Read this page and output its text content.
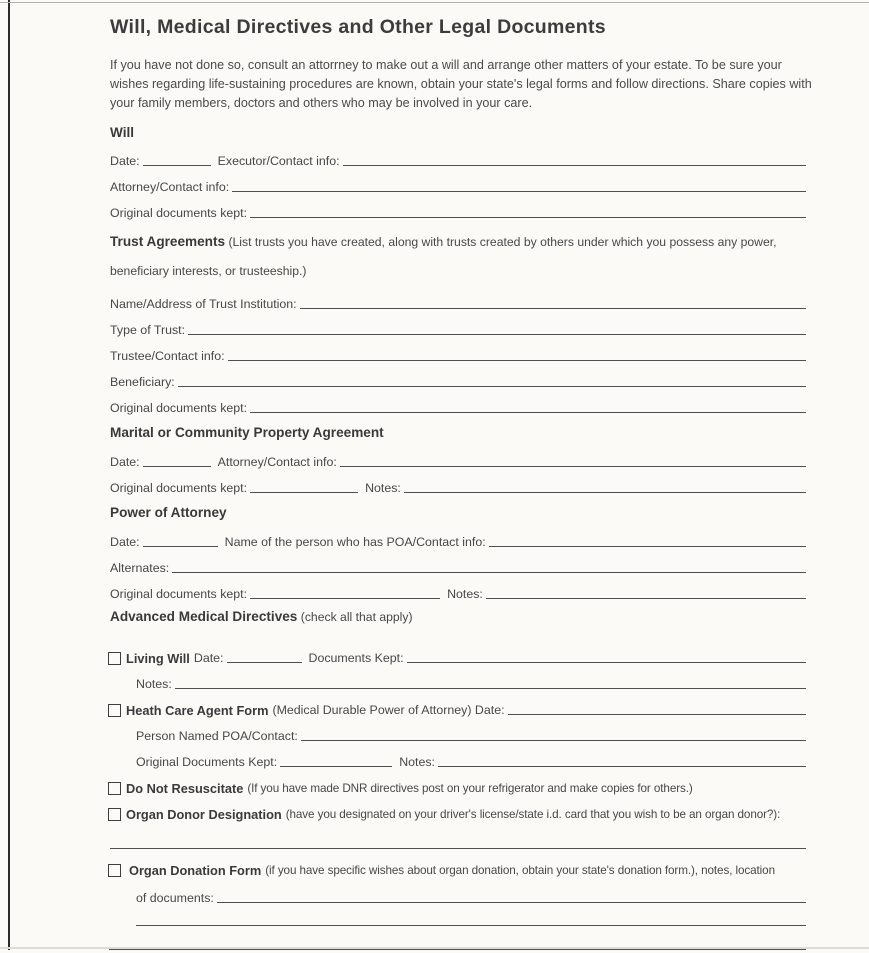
Will, Medical Directives and Other Legal Documents

If you have not done so, consult an attorrney to make out a will and arrange other matters of your estate. To be sure your wishes regarding life-sustaining procedures are known, obtain your state's legal forms and follow directions. Share copies with your family members, doctors and others who may be involved in your care.

Will
Date:	Executor/Contact info:
Attorney/Contact info:
Original documents kept:

Trust Agreements (List trusts you have created, along with trusts created by others under which you possess any power, beneficiary interests, or trusteeship.)

Name/Address of Trust Institution:
Type of Trust:
Trustee/Contact info:
Beneficiary:
Original documents kept:
Marital or Community Property Agreement
Date:	Attorney/Contact info:
Original documents kept:	Notes:
Power of Attorney
Date:	Name of the person who has POA/Contact info:
Alternates:
Original documents kept:	Notes:

Advanced Medical Directives (check all that apply)

Living Will Date:	Documents Kept:
Notes:
Heath Care Agent Form (Medical Durable Power of Attorney) Date:
Person Named POA/Contact:
Original Documents Kept:	Notes:
Do Not Resuscitate (If you have made DNR directives post on your refrigerator and make copies for others.)
Organ Donor Designation (have you designated on your driver's license/state i.d. card that you wish to be an organ donor?):
Organ Donation Form (if you have specific wishes about organ donation, obtain your state's donation form.), notes, location
of documents:
